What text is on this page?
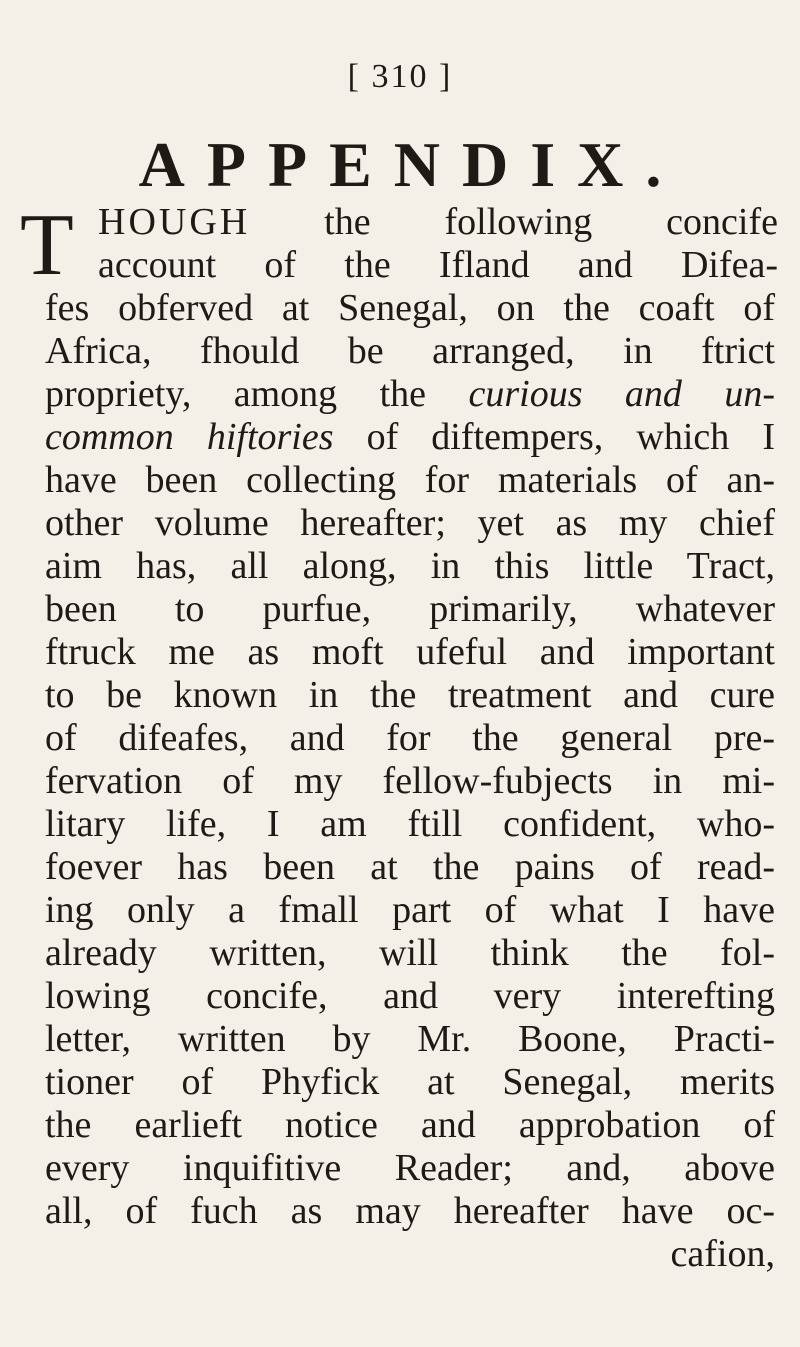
[ 310 ]
APPENDIX.
T HOUGH the following concife
account of the Ifland and Difea-
fes obferved at Senegal, on the coaft of
Africa, fhould be arranged, in ftrict
propriety, among the curious and un-
common hiftories of diftempers, which I
have been collecting for materials of an-
other volume hereafter; yet as my chief
aim has, all along, in this little Tract,
been to purfue, primarily, whatever
ftruck me as moft ufeful and important
to be known in the treatment and cure
of difeafes, and for the general pre-
fervation of my fellow-fubjects in mi-
litary life, I am ftill confident, who-
foever has been at the pains of read-
ing only a fmall part of what I have
already written, will think the fol-
lowing concife, and very interefting
letter, written by Mr. Boone, Practi-
tioner of Phyfick at Senegal, merits
the earlieft notice and approbation of
every inquifitive Reader; and, above
all, of fuch as may hereafter have oc-
cafion,
